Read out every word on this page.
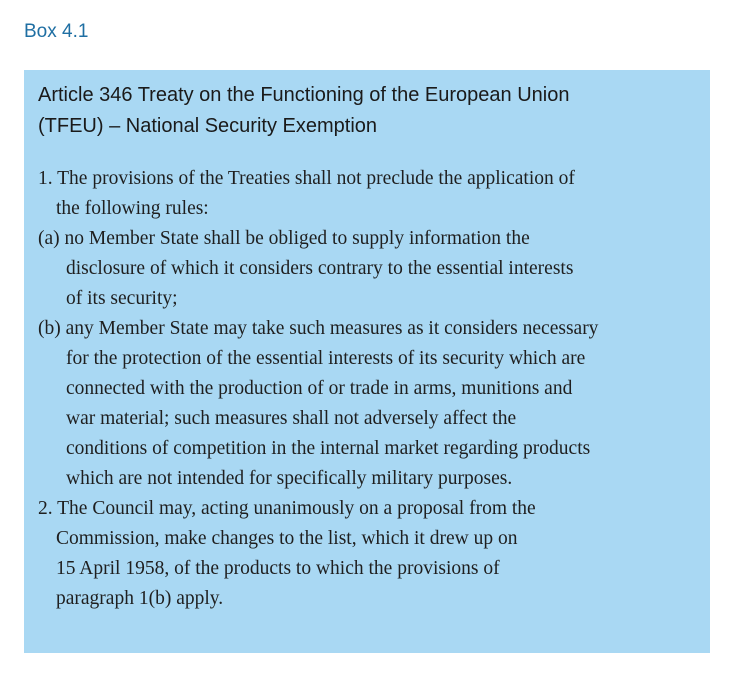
Box 4.1
Article 346 Treaty on the Functioning of the European Union
(TFEU) – National Security Exemption
1. The provisions of the Treaties shall not preclude the application of
the following rules:
(a) no Member State shall be obliged to supply information the
disclosure of which it considers contrary to the essential interests
of its security;
(b) any Member State may take such measures as it considers necessary
for the protection of the essential interests of its security which are
connected with the production of or trade in arms, munitions and
war material; such measures shall not adversely affect the
conditions of competition in the internal market regarding products
which are not intended for specifically military purposes.
2. The Council may, acting unanimously on a proposal from the
Commission, make changes to the list, which it drew up on
15 April 1958, of the products to which the provisions of
paragraph 1(b) apply.
